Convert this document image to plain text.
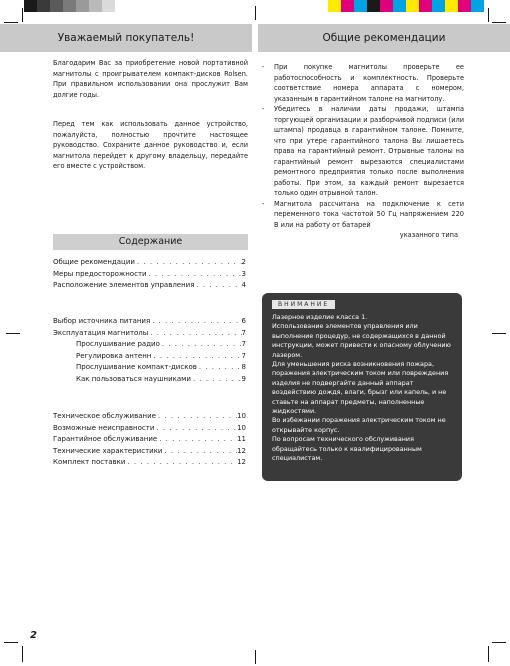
Уважаемый покупатель!
Благодарим Вас за приобретение новой портативной магнитолы с проигрывателем компакт-дисков Rolsen. При правильном использовании она прослужит Вам долгие годы.
Перед тем как использовать данное устройство, пожалуйста, полностью прочтите настоящее руководство. Сохраните данное руководство и, если магнитола перейдет к другому владельцу, передайте его вместе с устройством.
Содержание
Общие рекомендации . . .	2
Меры предосторожности . . .	3
Расположение элементов управления . . .	4
Выбор источника питания . . .	6
Эксплуатация магнитолы . . .	7
Прослушивание радио . . .	7
Регулировка антенн . . .	7
Прослушивание компакт-дисков . . .	8
Как пользоваться наушниками . . .	9
Техническое обслуживание . . .	10
Возможные неисправности . . .	10
Гарантийное обслуживание . . .	11
Технические характеристики . . .	12
Комплект поставки . . .	12
Общие рекомендации
-	При покупке магнитолы проверьте ее работоспособность и комплектность. Проверьте соответствие номера аппарата с номером, указанным в гарантийном талоне на магнитолу.
-	Убедитесь в наличии даты продажи, штампа торгующей организации и разборчивой подписи (или штампа) продавца в гарантийном талоне. Помните, что при утере гарантийного талона Вы лишаетесь права на гарантийный ремонт. Отрывные талоны на гарантийный ремонт вырезаются специалистами ремонтного предприятия только после выполнения работы. При этом, за каждый ремонт вырезается только один отрывной талон.
-	Магнитола рассчитана на подключение к сети переменного тока частотой 50 Гц напряжением 220 В или на работу от батарей
указанного типа
ВНИМАНИЕ
Лазерное изделие класса 1.
Использование элементов управления или выполнение процедур, не содержащихся в данной инструкции, может привести к опасному облучению лазером.
Для уменьшения риска возникновения пожара, поражения электрическим током или повреждения изделия не подвергайте данный аппарат воздействию дождя, влаги, брызг или капель, и не ставьте на аппарат предметы, наполненные жидкостями.
Во избежании поражения электрическим током не открывайте корпус.
По вопросам технического обслуживания обращайтесь только к квалифицированным специалистам.
2
